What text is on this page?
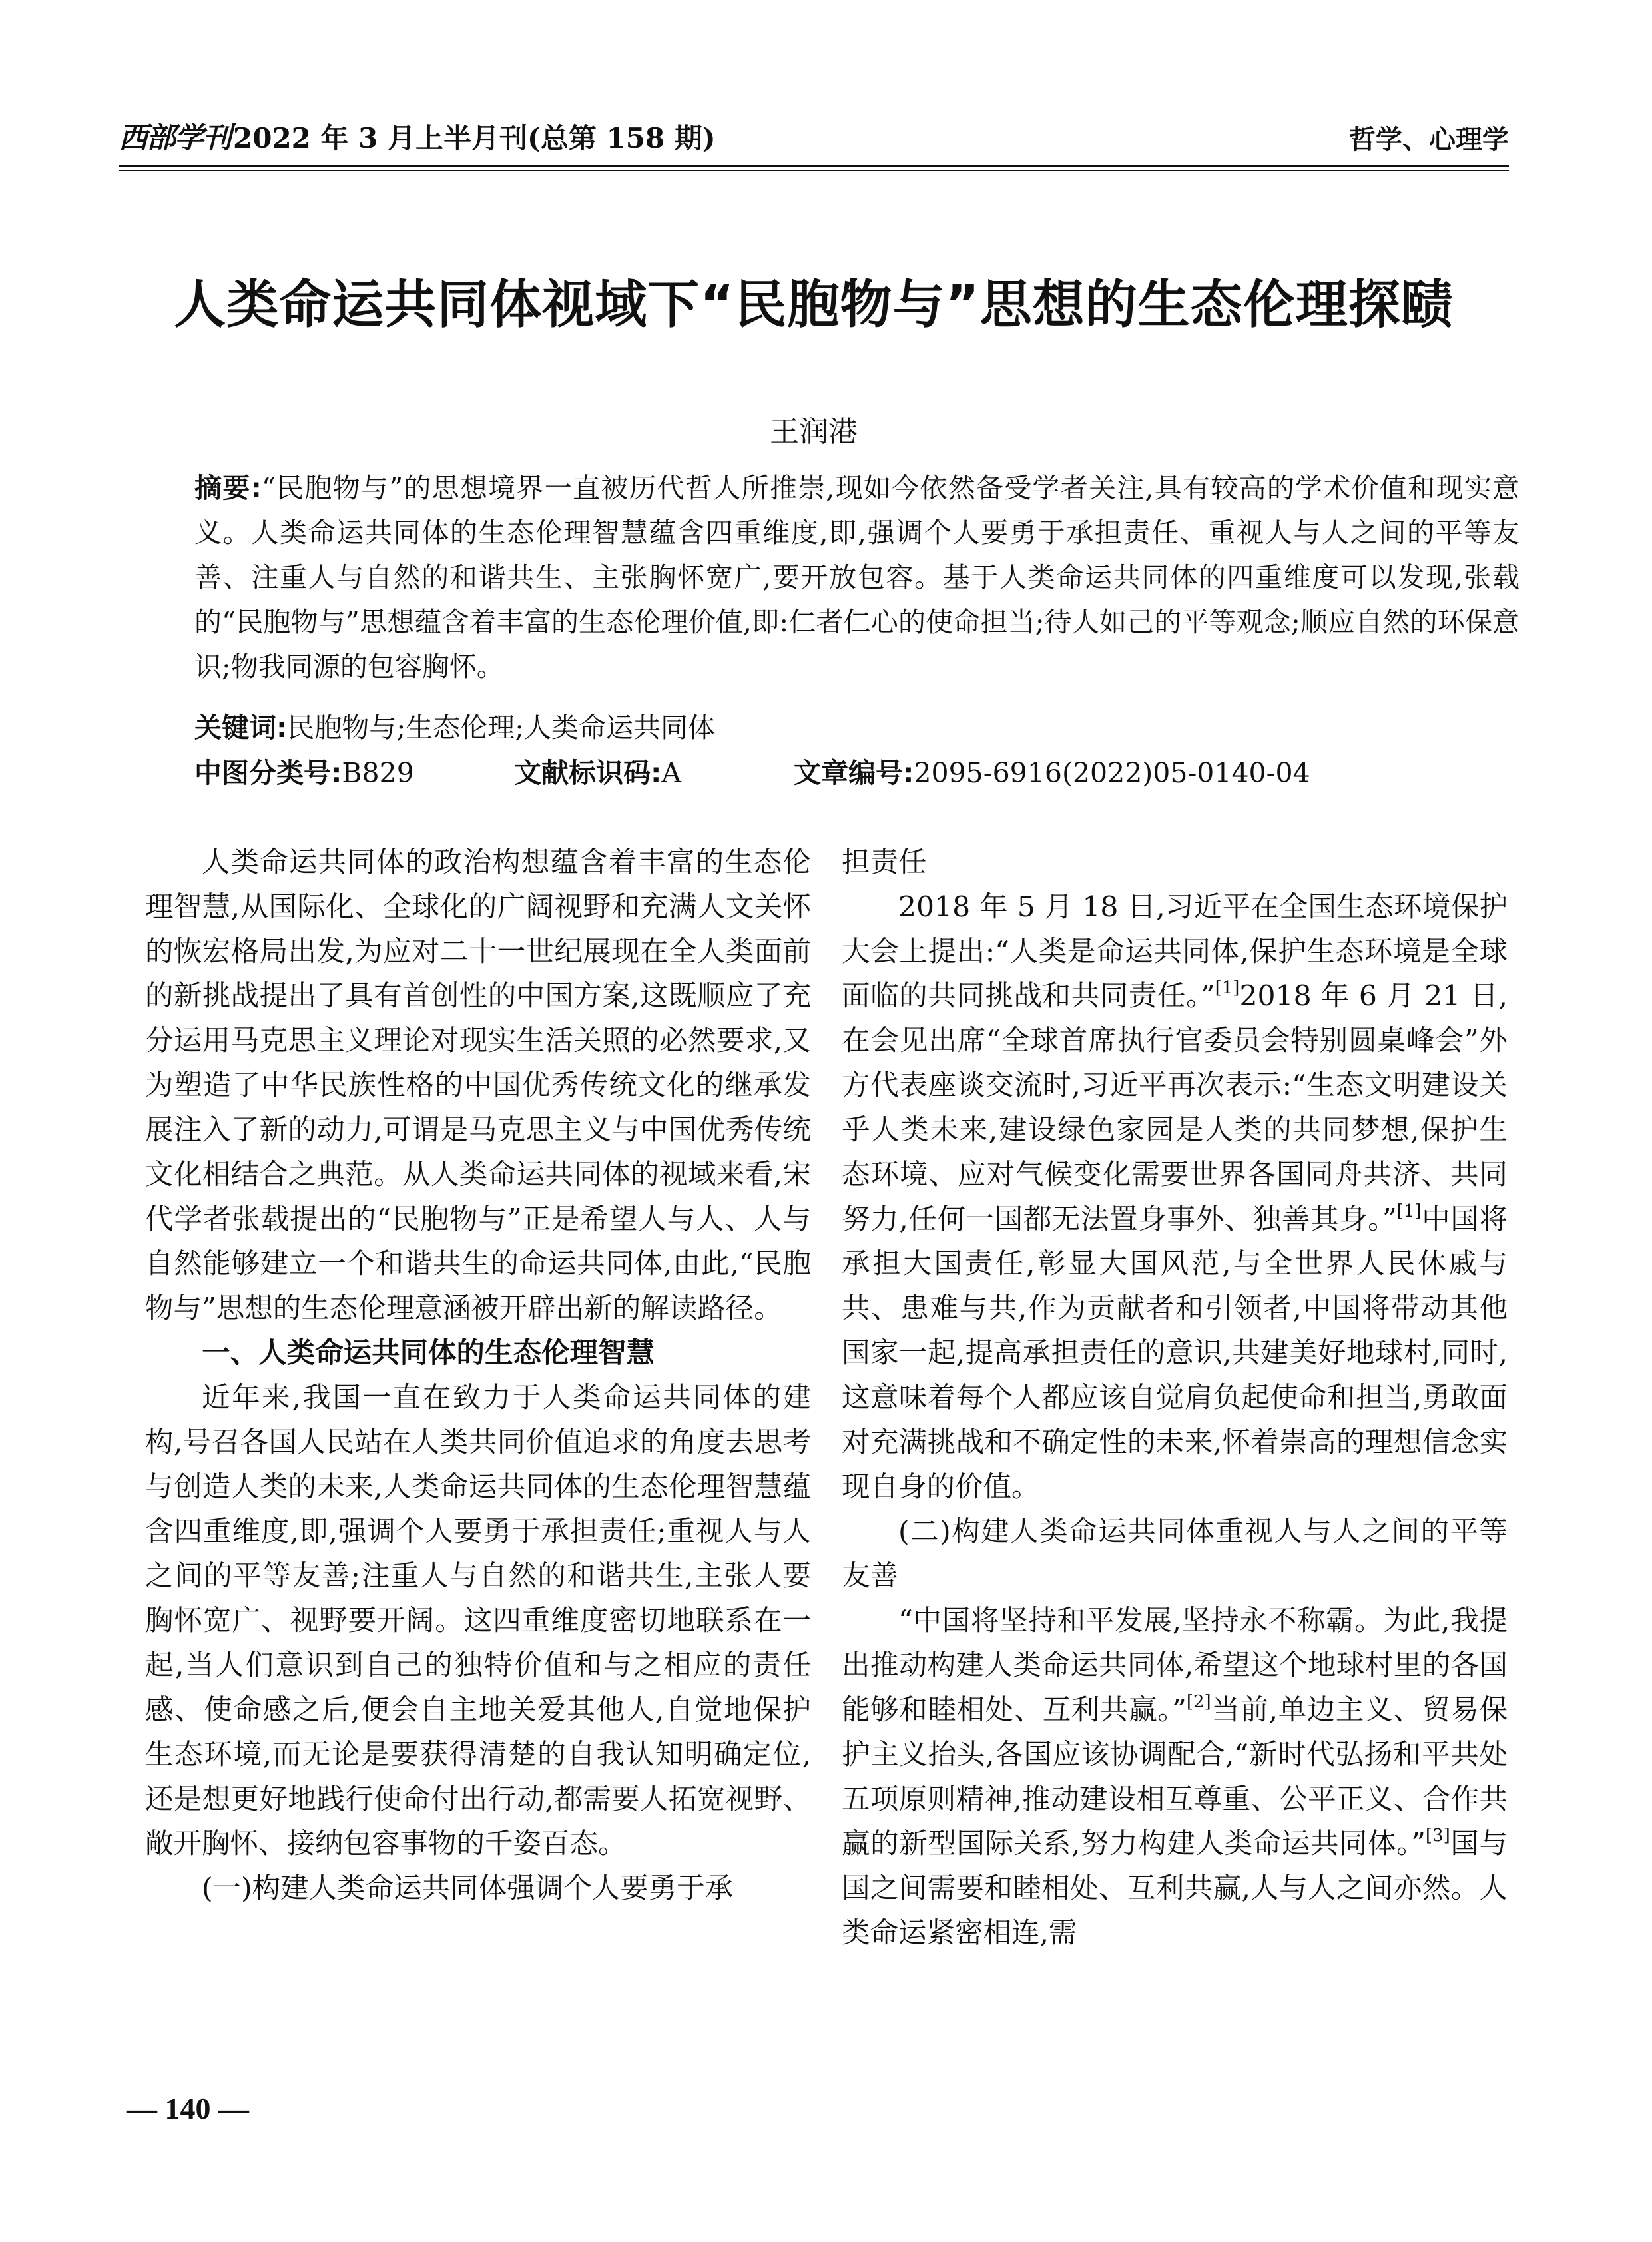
西部学刊 2022 年 3 月上半月刊(总第 158 期)	哲学、心理学
人类命运共同体视域下“民胞物与”思想的生态伦理探赜
王润港

摘要:“民胞物与”的思想境界一直被历代哲人所推崇,现如今依然备受学者关注,具有较高的学术价值和现实意义。人类命运共同体的生态伦理智慧蕴含四重维度,即,强调个人要勇于承担责任、重视人与人之间的平等友善、注重人与自然的和谐共生、主张胸怀宽广,要开放包容。基于人类命运共同体的四重维度可以发现,张载的“民胞物与”思想蕴含着丰富的生态伦理价值,即:仁者仁心的使命担当;待人如己的平等观念;顺应自然的环保意识;物我同源的包容胸怀。

关键词:民胞物与;生态伦理;人类命运共同体
中图分类号:B829	文献标识码:A	文章编号:2095-6916(2022)05-0140-04

人类命运共同体的政治构想蕴含着丰富的生态伦理智慧,从国际化、全球化的广阔视野和充满人文关怀的恢宏格局出发,为应对二十一世纪展现在全人类面前的新挑战提出了具有首创性的中国方案,这既顺应了充分运用马克思主义理论对现实生活关照的必然要求,又为塑造了中华民族性格的中国优秀传统文化的继承发展注入了新的动力,可谓是马克思主义与中国优秀传统文化相结合之典范。从人类命运共同体的视域来看,宋代学者张载提出的“民胞物与”正是希望人与人、人与自然能够建立一个和谐共生的命运共同体,由此,“民胞物与”思想的生态伦理意涵被开辟出新的解读路径。

一、人类命运共同体的生态伦理智慧

近年来,我国一直在致力于人类命运共同体的建构,号召各国人民站在人类共同价值追求的角度去思考与创造人类的未来,人类命运共同体的生态伦理智慧蕴含四重维度,即,强调个人要勇于承担责任;重视人与人之间的平等友善;注重人与自然的和谐共生,主张人要胸怀宽广、视野要开阔。这四重维度密切地联系在一起,当人们意识到自己的独特价值和与之相应的责任感、使命感之后,便会自主地关爱其他人,自觉地保护生态环境,而无论是要获得清楚的自我认知明确定位,还是想更好地践行使命付出行动,都需要人拓宽视野、敞开胸怀、接纳包容事物的千姿百态。

(一)构建人类命运共同体强调个人要勇于承

担责任

2018 年 5 月 18 日,习近平在全国生态环境保护大会上提出:“人类是命运共同体,保护生态环境是全球面临的共同挑战和共同责任。”[1]2018 年 6 月 21 日,在会见出席“全球首席执行官委员会特别圆桌峰会”外方代表座谈交流时,习近平再次表示:“生态文明建设关乎人类未来,建设绿色家园是人类的共同梦想,保护生态环境、应对气候变化需要世界各国同舟共济、共同努力,任何一国都无法置身事外、独善其身。”[1]中国将承担大国责任,彰显大国风范,与全世界人民休戚与共、患难与共,作为贡献者和引领者,中国将带动其他国家一起,提高承担责任的意识,共建美好地球村,同时,这意味着每个人都应该自觉肩负起使命和担当,勇敢面对充满挑战和不确定性的未来,怀着崇高的理想信念实现自身的价值。

(二)构建人类命运共同体重视人与人之间的平等友善

“中国将坚持和平发展,坚持永不称霸。为此,我提出推动构建人类命运共同体,希望这个地球村里的各国能够和睦相处、互利共赢。”[2]当前,单边主义、贸易保护主义抬头,各国应该协调配合,“新时代弘扬和平共处五项原则精神,推动建设相互尊重、公平正义、合作共赢的新型国际关系,努力构建人类命运共同体。”[3]国与国之间需要和睦相处、互利共赢,人与人之间亦然。人类命运紧密相连,需

— 140 —
